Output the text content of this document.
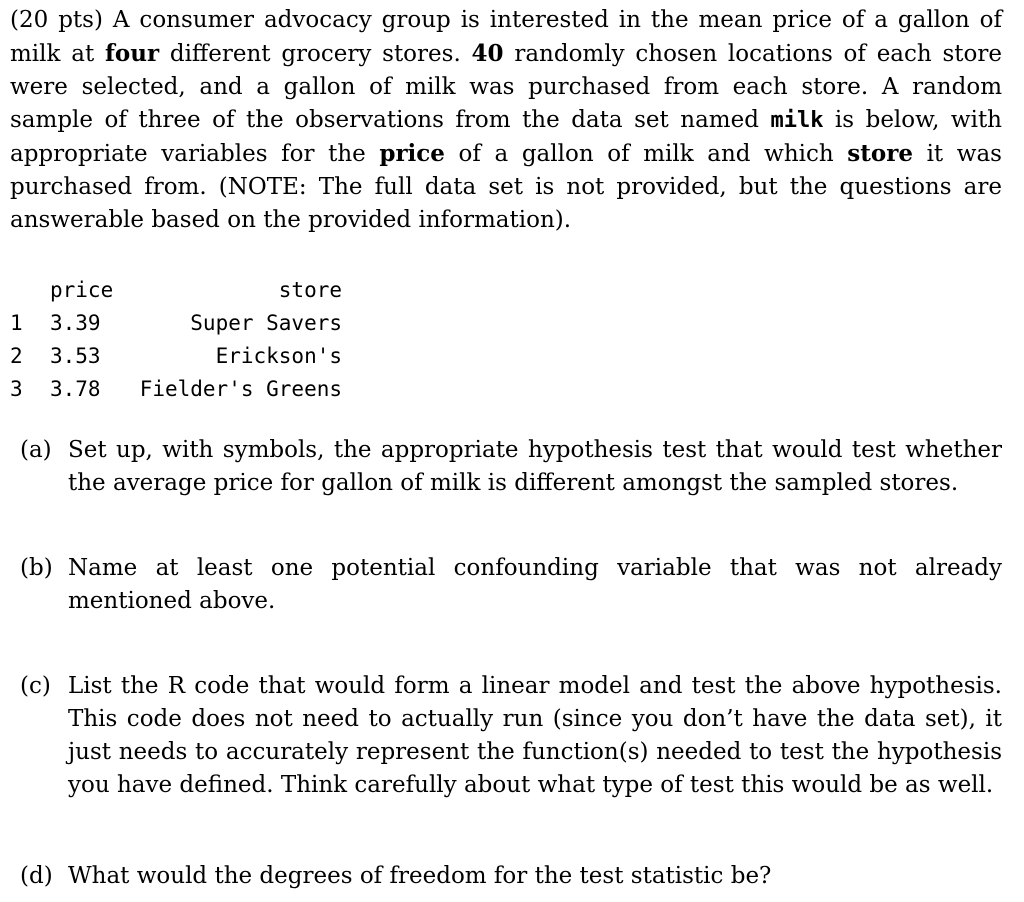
(20 pts) A consumer advocacy group is interested in the mean price of a gallon of milk at four different grocery stores. 40 randomly chosen locations of each store were selected, and a gallon of milk was purchased from each store. A random sample of three of the observations from the data set named milk is below, with appropriate variables for the price of a gallon of milk and which store it was purchased from. (NOTE: The full data set is not provided, but the questions are answerable based on the provided information).

	price	store
1	3.39	Super Savers
2	3.53	Erickson's
3	3.78	Fielder's Greens
(a) Set up, with symbols, the appropriate hypothesis test that would test whether the average price for gallon of milk is different amongst the sampled stores.
(b) Name at least one potential confounding variable that was not already mentioned above.
(c) List the R code that would form a linear model and test the above hypothesis. This code does not need to actually run (since you don’t have the data set), it just needs to accurately represent the function(s) needed to test the hypothesis you have defined. Think carefully about what type of test this would be as well.
(d) What would the degrees of freedom for the test statistic be?
